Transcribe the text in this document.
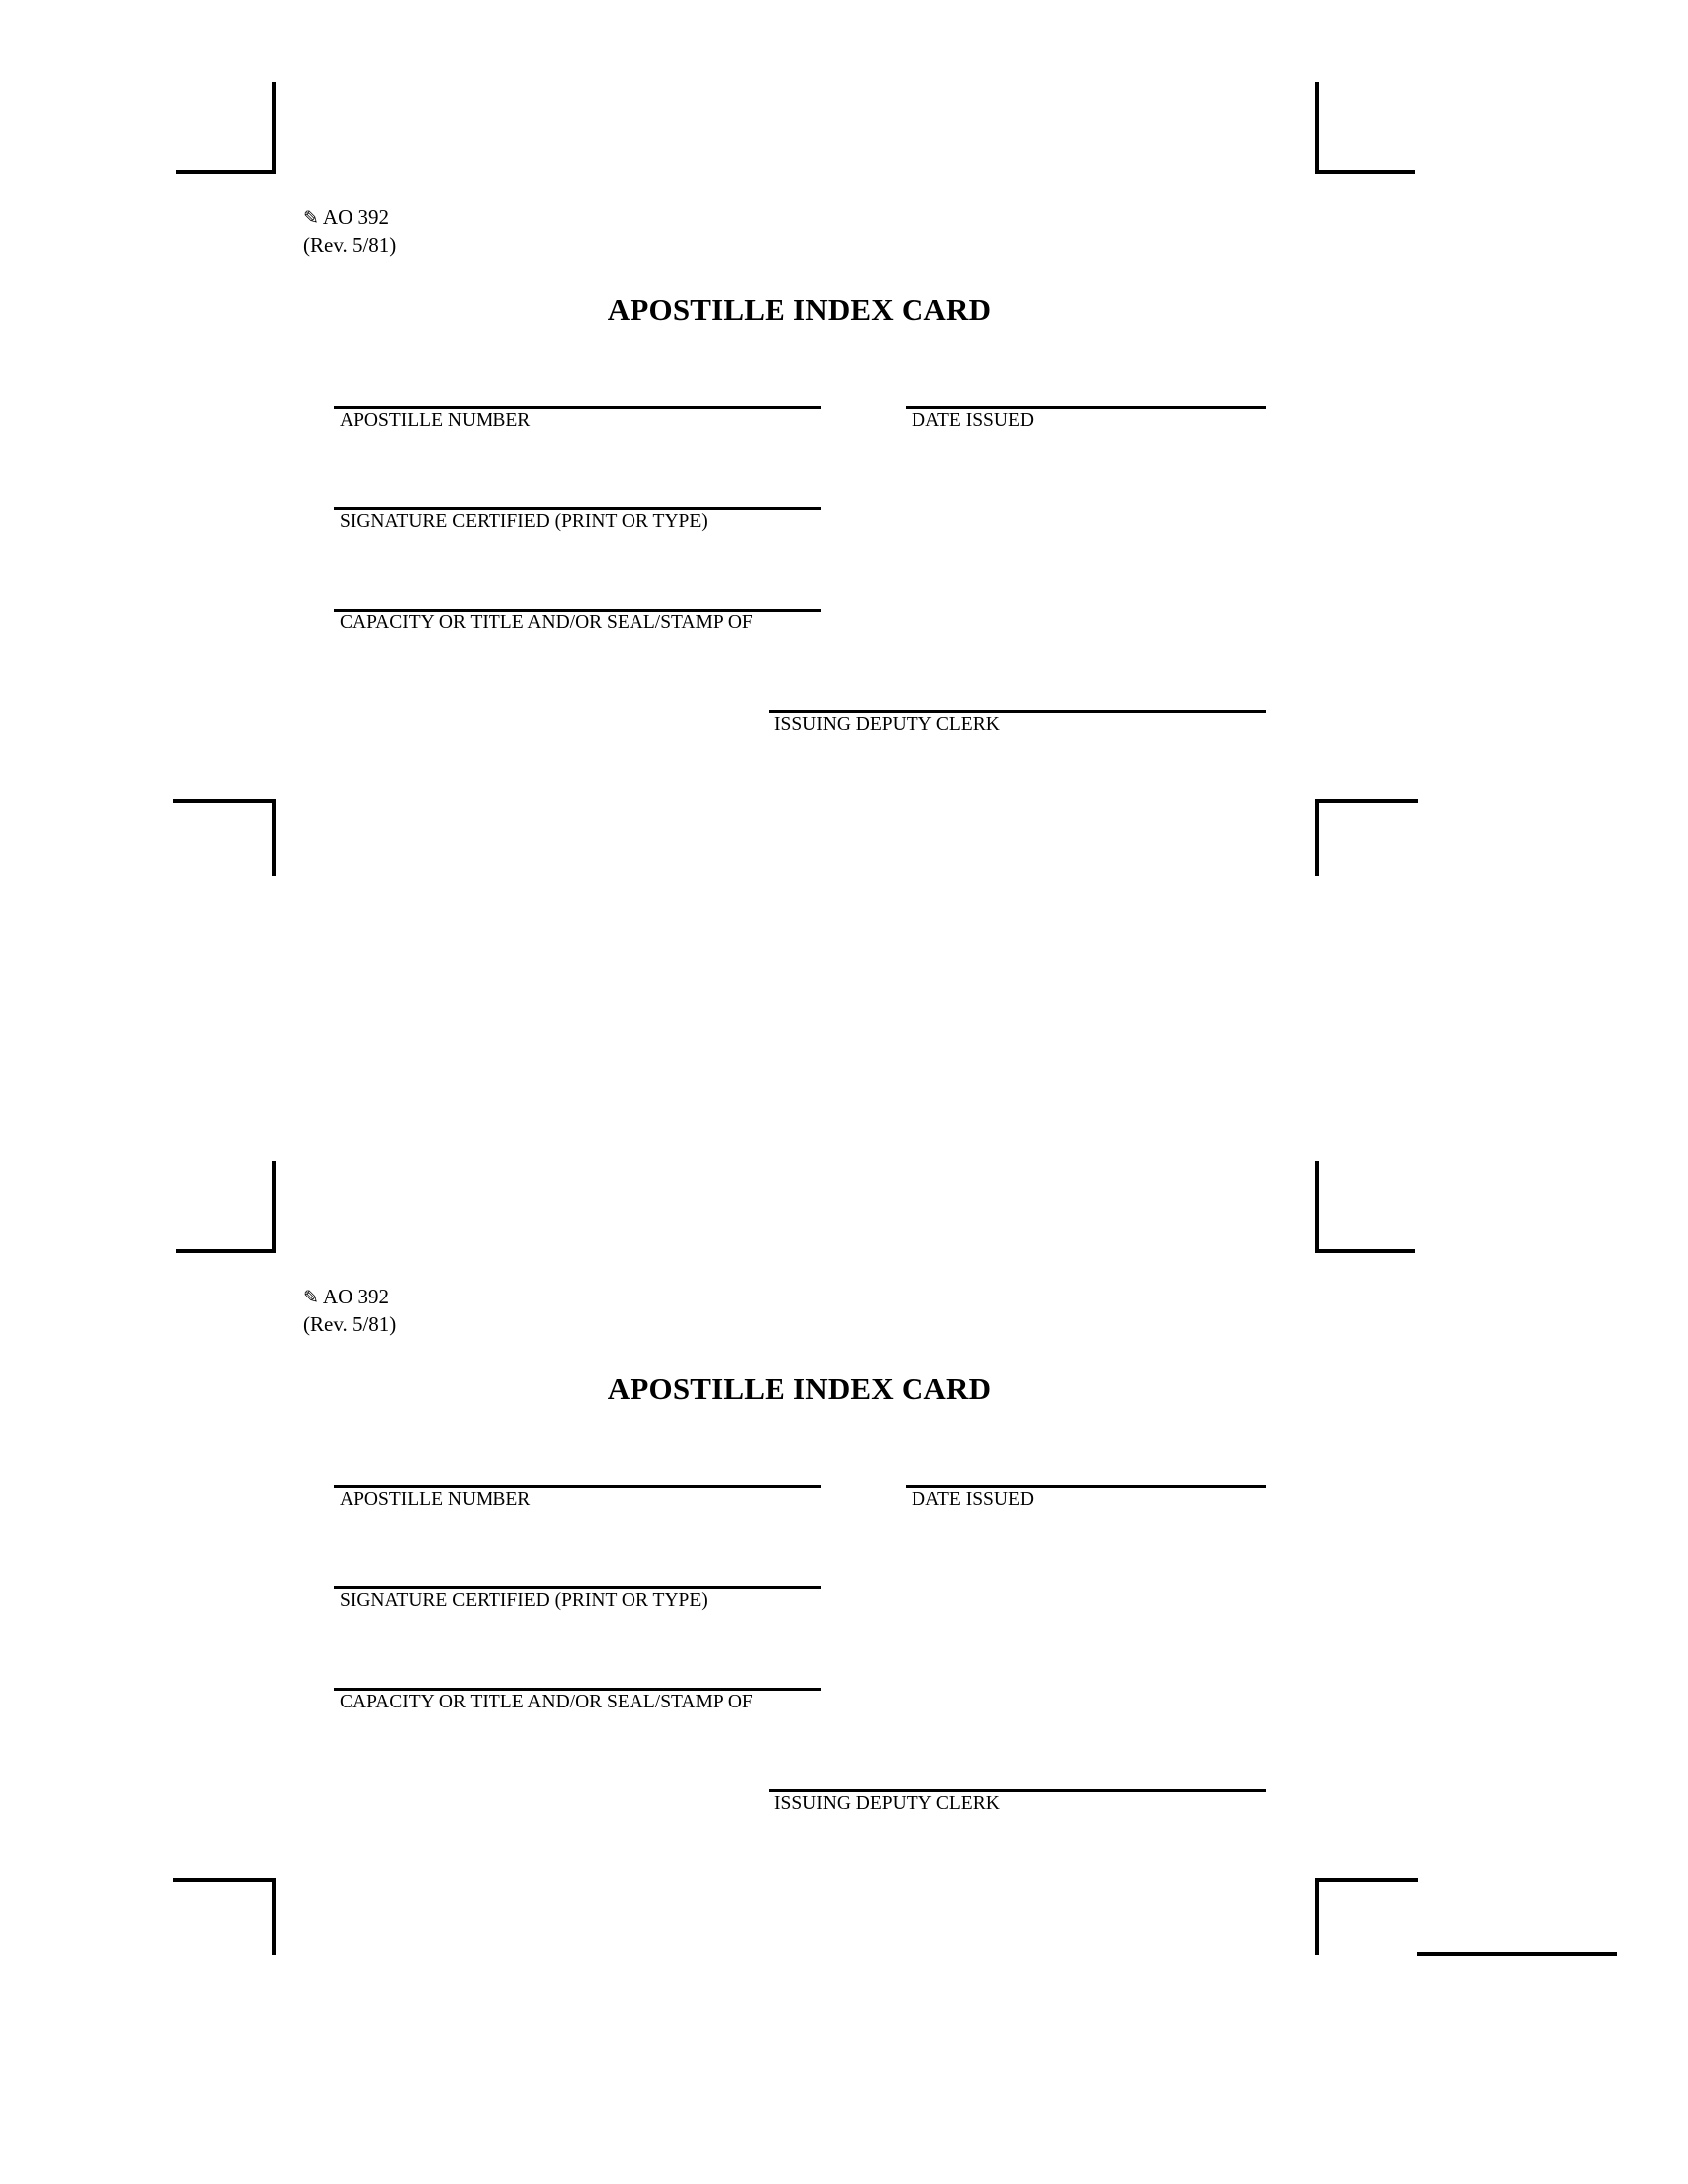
✎ AO 392
(Rev. 5/81)
APOSTILLE INDEX CARD
APOSTILLE NUMBER	DATE ISSUED
SIGNATURE CERTIFIED (PRINT OR TYPE)
CAPACITY OR TITLE AND/OR SEAL/STAMP OF
ISSUING DEPUTY CLERK
✎ AO 392
(Rev. 5/81)
APOSTILLE INDEX CARD
APOSTILLE NUMBER	DATE ISSUED
SIGNATURE CERTIFIED (PRINT OR TYPE)
CAPACITY OR TITLE AND/OR SEAL/STAMP OF
ISSUING DEPUTY CLERK
